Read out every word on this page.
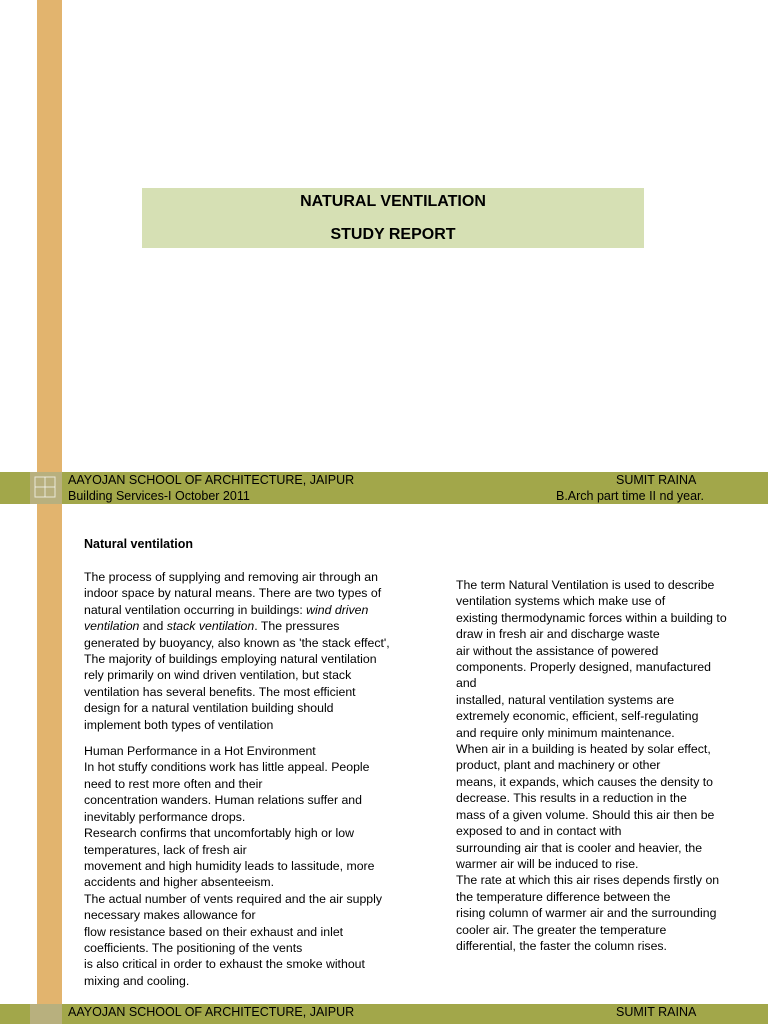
NATURAL VENTILATION
STUDY REPORT
AAYOJAN SCHOOL OF ARCHITECTURE, JAIPUR
Building Services-I October 2011
SUMIT RAINA
B.Arch part time II nd year.
Natural ventilation

The process of supplying and removing air through an

indoor space by natural means. There are two types of

natural ventilation occurring in buildings: wind driven

ventilation and stack ventilation. The pressures

generated by buoyancy, also known as 'the stack effect',

The majority of buildings employing natural ventilation

rely primarily on wind driven ventilation, but stack

ventilation has several benefits. The most efficient

design for a natural ventilation building should

implement both types of ventilation

Human Performance in a Hot Environment

In hot stuffy conditions work has little appeal. People

need to rest more often and their

concentration wanders. Human relations suffer and

inevitably performance drops.

Research confirms that uncomfortably high or low

temperatures, lack of fresh air

movement and high humidity leads to lassitude, more

accidents and higher absenteeism.

The actual number of vents required and the air supply

necessary makes allowance for

flow resistance based on their exhaust and inlet

coefficients. The positioning of the vents

is also critical in order to exhaust the smoke without

mixing and cooling.

The term Natural Ventilation is used to describe

ventilation systems which make use of

existing thermodynamic forces within a building to

draw in fresh air and discharge waste

air without the assistance of powered

components. Properly designed, manufactured

and

installed, natural ventilation systems are

extremely economic, efficient, self-regulating

and require only minimum maintenance.

When air in a building is heated by solar effect,

product, plant and machinery or other

means, it expands, which causes the density to

decrease. This results in a reduction in the

mass of a given volume. Should this air then be

exposed to and in contact with

surrounding air that is cooler and heavier, the

warmer air will be induced to rise.

The rate at which this air rises depends firstly on

the temperature difference between the

rising column of warmer air and the surrounding

cooler air. The greater the temperature

differential, the faster the column rises.

AAYOJAN SCHOOL OF ARCHITECTURE, JAIPUR	SUMIT RAINA
